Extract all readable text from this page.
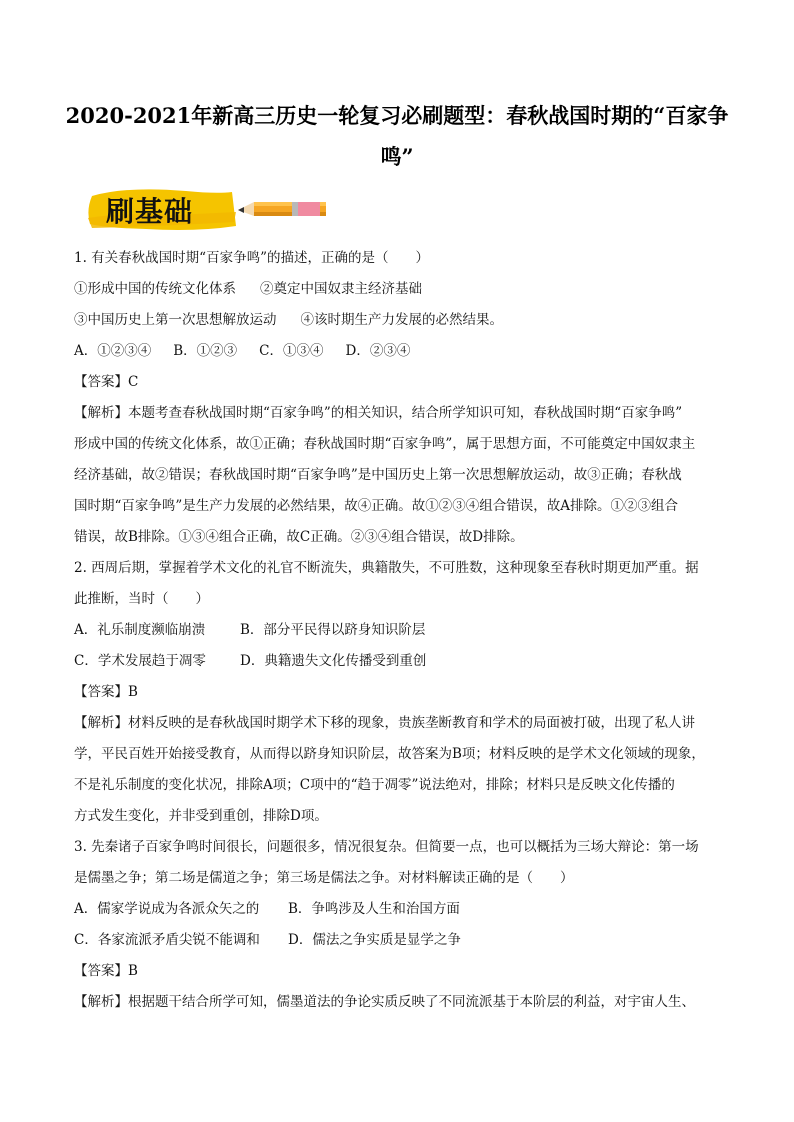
2020-2021年新高三历史一轮复习必刷题型：春秋战国时期的“百家争
鸣”
刷基础
1. 有关春秋战国时期“百家争鸣”的描述，正确的是（　　）
①形成中国的传统文化体系 ②奠定中国奴隶主经济基础
③中国历史上第一次思想解放运动 ④该时期生产力发展的必然结果。
A．①②③④ B．①②③ C．①③④ D．②③④
【答案】C
【解析】本题考查春秋战国时期“百家争鸣”的相关知识，结合所学知识可知，春秋战国时期“百家争鸣”
形成中国的传统文化体系，故①正确；春秋战国时期“百家争鸣”，属于思想方面，不可能奠定中国奴隶主
经济基础，故②错误；春秋战国时期“百家争鸣”是中国历史上第一次思想解放运动，故③正确；春秋战
国时期“百家争鸣”是生产力发展的必然结果，故④正确。故①②③④组合错误，故A排除。①②③组合
错误，故B排除。①③④组合正确，故C正确。②③④组合错误，故D排除。
2. 西周后期，掌握着学术文化的礼官不断流失，典籍散失，不可胜数，这种现象至春秋时期更加严重。据
此推断，当时（　　）
A．礼乐制度濒临崩溃	B．部分平民得以跻身知识阶层
C．学术发展趋于凋零	D．典籍遗失文化传播受到重创
【答案】B
【解析】材料反映的是春秋战国时期学术下移的现象，贵族垄断教育和学术的局面被打破，出现了私人讲
学，平民百姓开始接受教育，从而得以跻身知识阶层，故答案为B项；材料反映的是学术文化领域的现象，
不是礼乐制度的变化状况，排除A项；C项中的“趋于凋零”说法绝对，排除；材料只是反映文化传播的
方式发生变化，并非受到重创，排除D项。
3. 先秦诸子百家争鸣时间很长，问题很多，情况很复杂。但简要一点，也可以概括为三场大辩论：第一场
是儒墨之争；第二场是儒道之争；第三场是儒法之争。对材料解读正确的是（　　）
A．儒家学说成为各派众矢之的 B．争鸣涉及人生和治国方面
C．各家流派矛盾尖锐不能调和 D．儒法之争实质是显学之争
【答案】B
【解析】根据题干结合所学可知，儒墨道法的争论实质反映了不同流派基于本阶层的利益，对宇宙人生、
